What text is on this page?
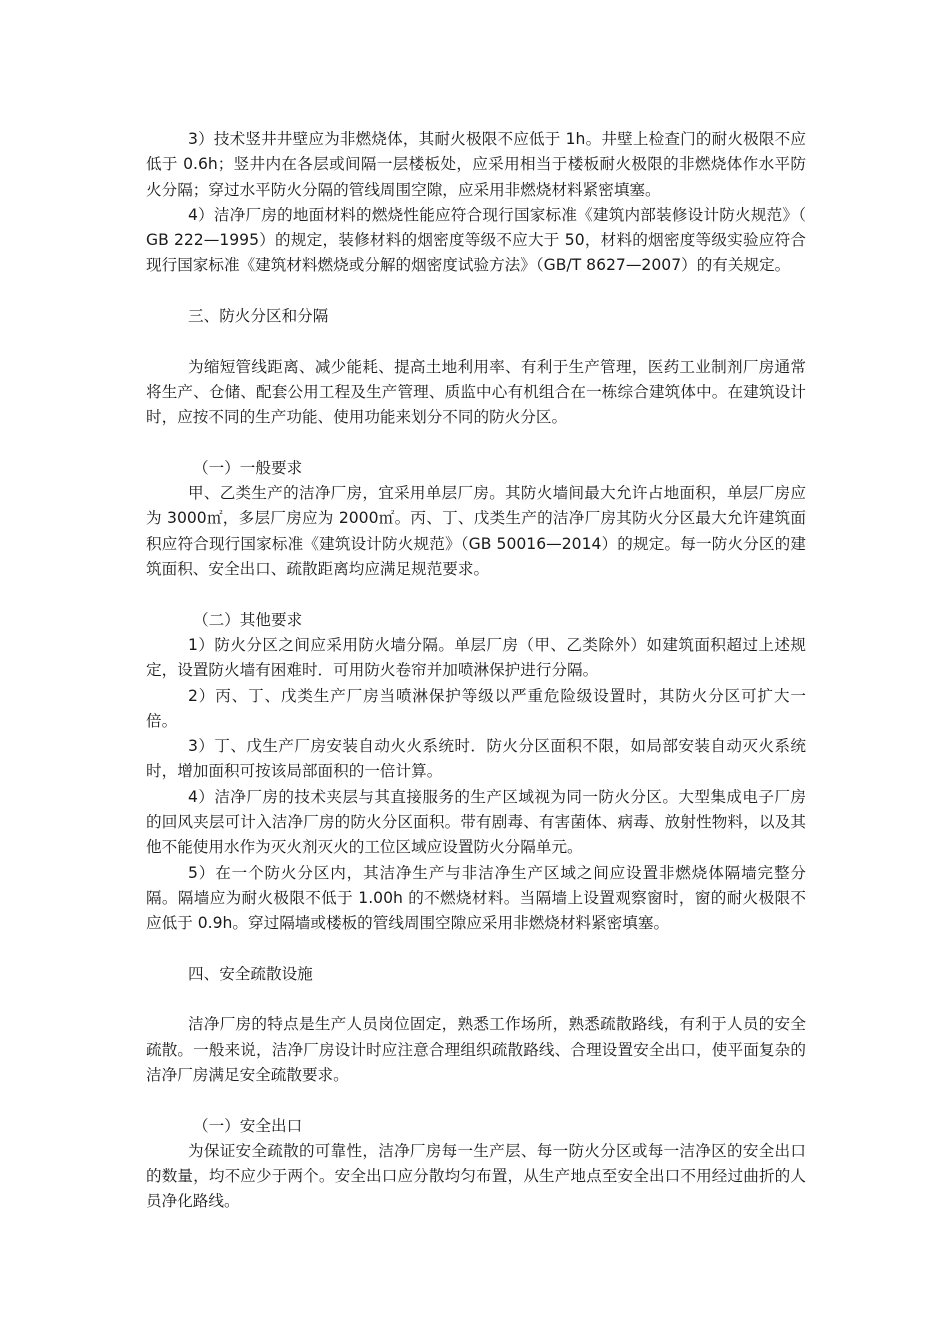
3）技术竖井井壁应为非燃烧体，其耐火极限不应低于 1h。井壁上检查门的耐火极限不应低于 0.6h；竖井内在各层或间隔一层楼板处，应采用相当于楼板耐火极限的非燃烧体作水平防火分隔；穿过水平防火分隔的管线周围空隙，应采用非燃烧材料紧密填塞。

4）洁净厂房的地面材料的燃烧性能应符合现行国家标准《建筑内部装修设计防火规范》（ GB 222—1995）的规定，装修材料的烟密度等级不应大于 50，材料的烟密度等级实验应符合现行国家标准《建筑材料燃烧或分解的烟密度试验方法》（GB/T 8627—2007）的有关规定。

三、防火分区和分隔

为缩短管线距离、减少能耗、提高土地利用率、有利于生产管理，医药工业制剂厂房通常将生产、仓储、配套公用工程及生产管理、质监中心有机组合在一栋综合建筑体中。在建筑设计时，应按不同的生产功能、使用功能来划分不同的防火分区。

（一）一般要求

甲、乙类生产的洁净厂房，宜采用单层厂房。其防火墙间最大允许占地面积，单层厂房应为 3000㎡，多层厂房应为 2000㎡。丙、丁、戊类生产的洁净厂房其防火分区最大允许建筑面积应符合现行国家标准《建筑设计防火规范》（GB 50016—2014）的规定。每一防火分区的建筑面积、安全出口、疏散距离均应满足规范要求。

（二）其他要求

1）防火分区之间应采用防火墙分隔。单层厂房（甲、乙类除外）如建筑面积超过上述规定，设置防火墙有困难时．可用防火卷帘并加喷淋保护进行分隔。

2）丙、丁、戊类生产厂房当喷淋保护等级以严重危险级设置时，其防火分区可扩大一倍。

3）丁、戊生产厂房安装自动火火系统时．防火分区面积不限，如局部安装自动灭火系统时，增加面积可按该局部面积的一倍计算。

4）洁净厂房的技术夹层与其直接服务的生产区域视为同一防火分区。大型集成电子厂房的回风夹层可计入洁净厂房的防火分区面积。带有剧毒、有害菌体、病毒、放射性物料，以及其他不能使用水作为灭火剂灭火的工位区域应设置防火分隔单元。

5）在一个防火分区内，其洁净生产与非洁净生产区域之间应设置非燃烧体隔墙完整分隔。隔墙应为耐火极限不低于 1.00h 的不燃烧材料。当隔墙上设置观察窗时，窗的耐火极限不应低于 0.9h。穿过隔墙或楼板的管线周围空隙应采用非燃烧材料紧密填塞。

四、安全疏散设施

洁净厂房的特点是生产人员岗位固定，熟悉工作场所，熟悉疏散路线，有利于人员的安全疏散。一般来说，洁净厂房设计时应注意合理组织疏散路线、合理设置安全出口，使平面复杂的洁净厂房满足安全疏散要求。

（一）安全出口

为保证安全疏散的可靠性，洁净厂房每一生产层、每一防火分区或每一洁净区的安全出口的数量，均不应少于两个。安全出口应分散均匀布置，从生产地点至安全出口不用经过曲折的人员净化路线。
